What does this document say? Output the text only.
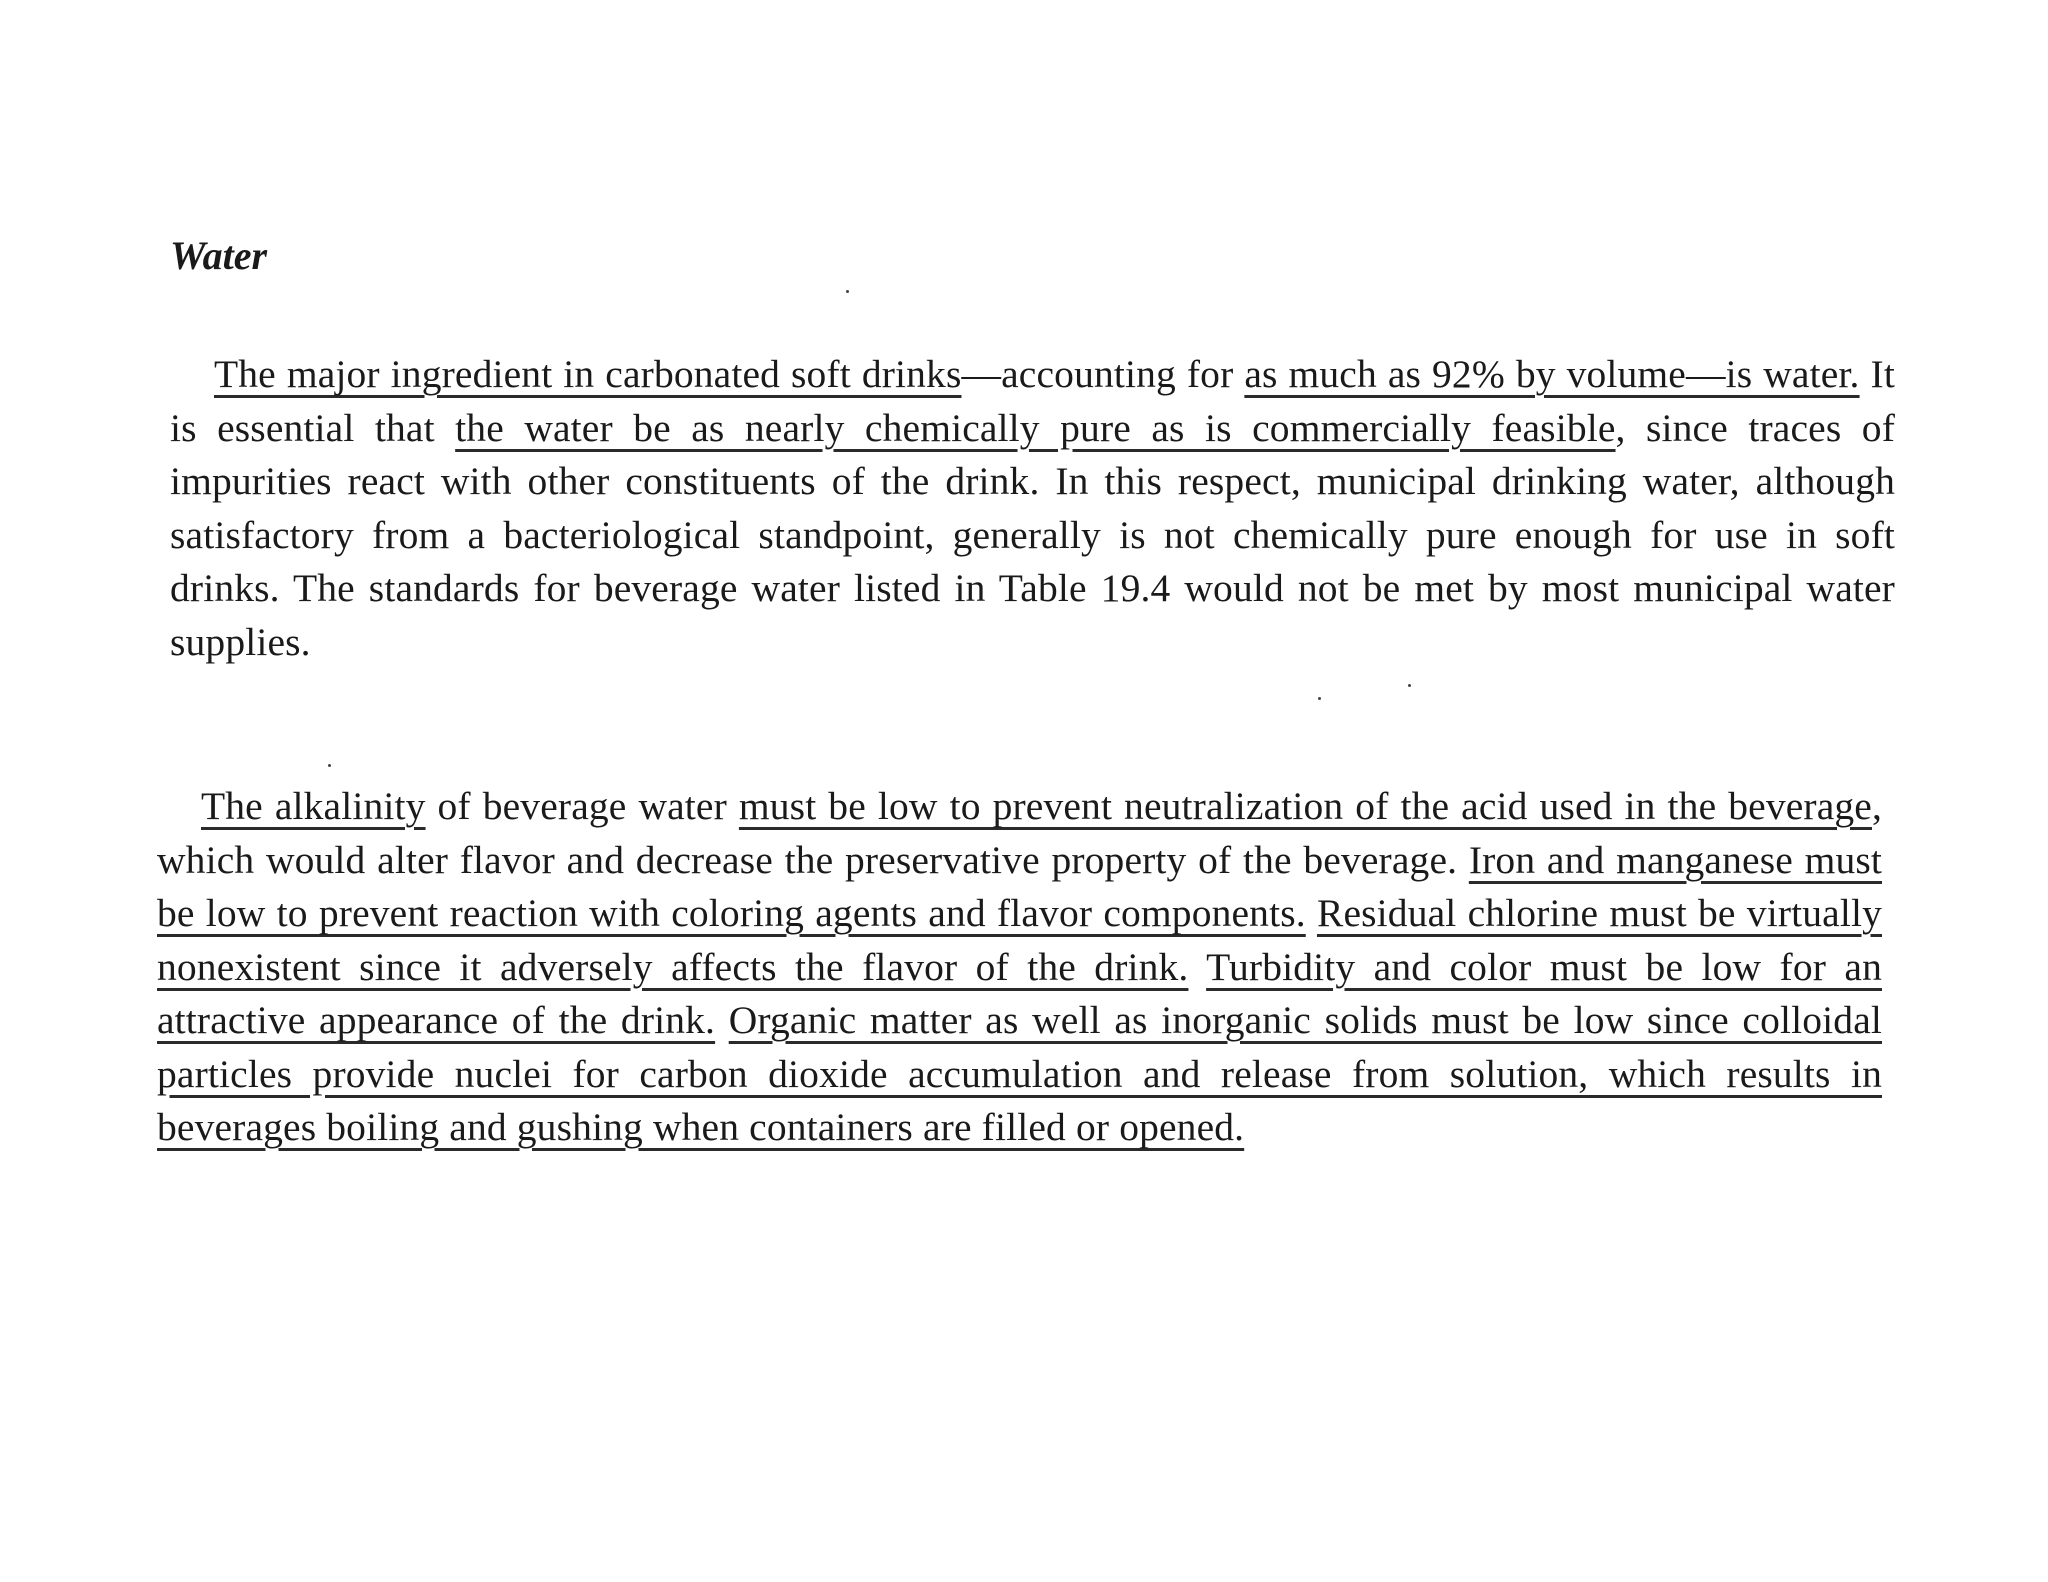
Water

The major ingredient in carbonated soft drinks—accounting for as much as 92% by volume—is water. It is essential that the water be as nearly chemically pure as is commercially feasible, since traces of impurities react with other constituents of the drink. In this respect, municipal drinking water, although satisfactory from a bacteriological standpoint, generally is not chemically pure enough for use in soft drinks. The standards for beverage water listed in Table 19.4 would not be met by most municipal water supplies.

The alkalinity of beverage water must be low to prevent neutralization of the acid used in the beverage, which would alter flavor and decrease the preservative property of the beverage. Iron and manganese must be low to prevent reaction with coloring agents and flavor components. Residual chlorine must be virtually nonexistent since it adversely affects the flavor of the drink. Turbidity and color must be low for an attractive appearance of the drink. Organic matter as well as inorganic solids must be low since colloidal particles provide nuclei for carbon dioxide accumulation and release from solution, which results in beverages boiling and gushing when containers are filled or opened.
